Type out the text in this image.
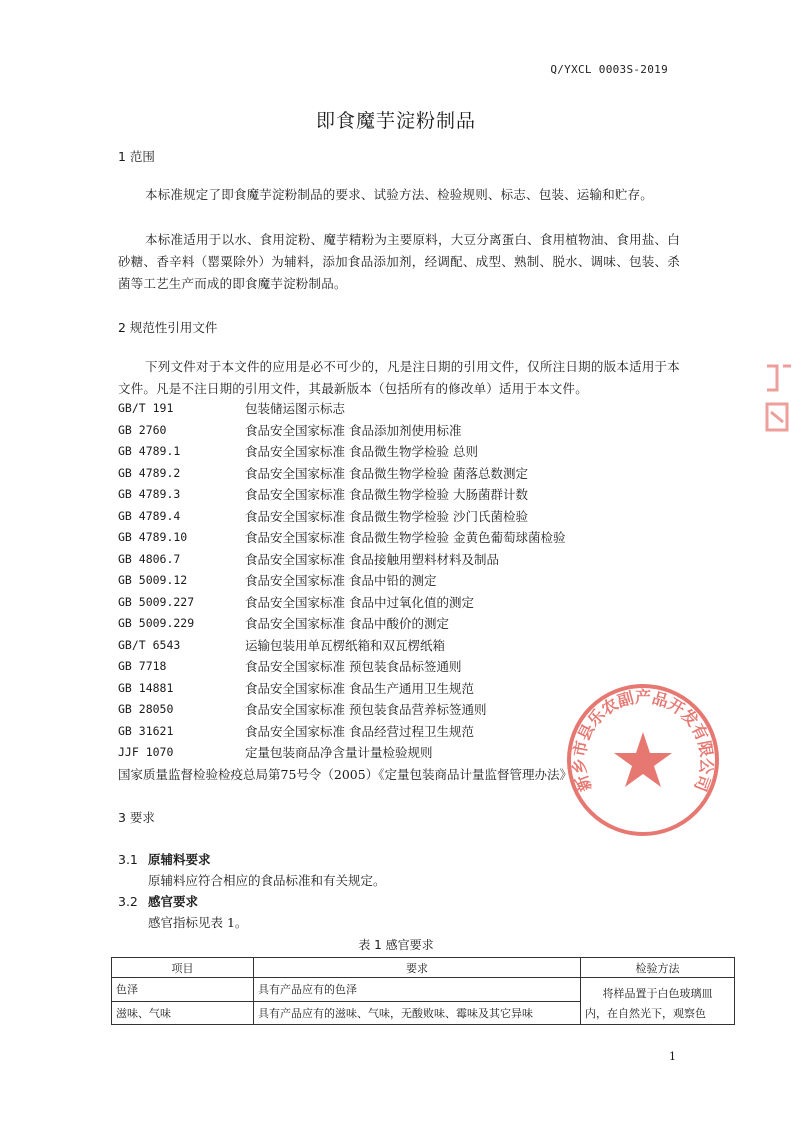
Q/YXCL 0003S-2019
即食魔芋淀粉制品
1 范围
本标准规定了即食魔芋淀粉制品的要求、试验方法、检验规则、标志、包装、运输和贮存。
本标准适用于以水、食用淀粉、魔芋精粉为主要原料，大豆分离蛋白、食用植物油、食用盐、白砂糖、香辛料（罂粟除外）为辅料，添加食品添加剂，经调配、成型、熟制、脱水、调味、包装、杀菌等工艺生产而成的即食魔芋淀粉制品。
2 规范性引用文件
下列文件对于本文件的应用是必不可少的，凡是注日期的引用文件，仅所注日期的版本适用于本文件。凡是不注日期的引用文件，其最新版本（包括所有的修改单）适用于本文件。
GB/T 191	包装储运图示标志
GB 2760	食品安全国家标准 食品添加剂使用标准
GB 4789.1	食品安全国家标准 食品微生物学检验 总则
GB 4789.2	食品安全国家标准 食品微生物学检验 菌落总数测定
GB 4789.3	食品安全国家标准 食品微生物学检验 大肠菌群计数
GB 4789.4	食品安全国家标准 食品微生物学检验 沙门氏菌检验
GB 4789.10	食品安全国家标准 食品微生物学检验 金黄色葡萄球菌检验
GB 4806.7	食品安全国家标准 食品接触用塑料材料及制品
GB 5009.12	食品安全国家标准 食品中铅的测定
GB 5009.227	食品安全国家标准 食品中过氧化值的测定
GB 5009.229	食品安全国家标准 食品中酸价的测定
GB/T 6543	运输包装用单瓦楞纸箱和双瓦楞纸箱
GB 7718	食品安全国家标准 预包装食品标签通则
GB 14881	食品安全国家标准 食品生产通用卫生规范
GB 28050	食品安全国家标准 预包装食品营养标签通则
GB 31621	食品安全国家标准 食品经营过程卫生规范
JJF 1070	定量包装商品净含量计量检验规则
国家质量监督检验检疫总局第75号令（2005）《定量包装商品计量监督管理办法》
3 要求
3.1 原辅料要求
原辅料应符合相应的食品标准和有关规定。
3.2 感官要求
感官指标见表 1。
表 1 感官要求
项目	要求	检验方法
色泽	具有产品应有的色泽	将样品置于白色玻璃皿
内，在自然光下，观察色

滋味、气味	具有产品应有的滋味、气味，无酸败味、霉味及其它异味	
1
新乡市县乐农副产品开发有限公司
